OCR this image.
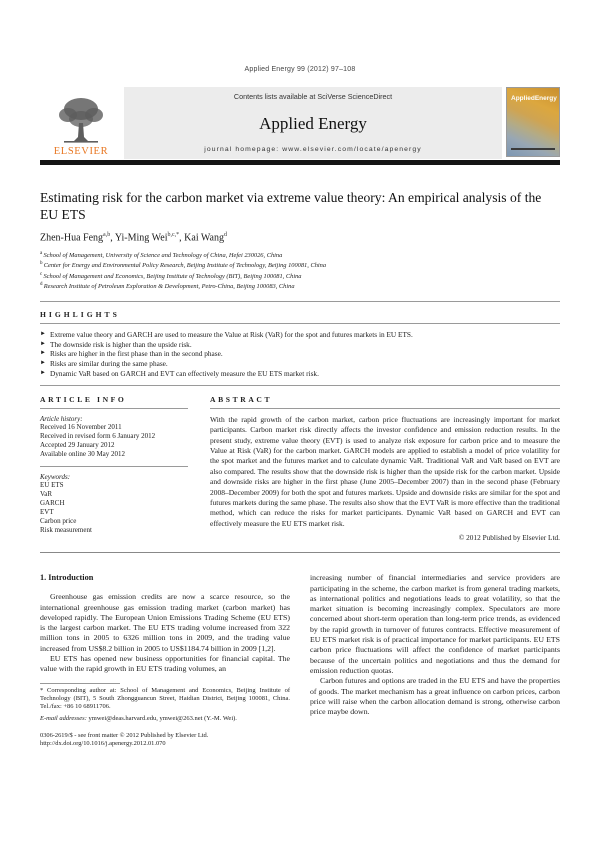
Applied Energy 99 (2012) 97–108
ELSEVIER
Contents lists available at SciVerse ScienceDirect
Applied Energy
journal homepage: www.elsevier.com/locate/apenergy
AppliedEnergy
Estimating risk for the carbon market via extreme value theory: An empirical analysis of the EU ETS
Zhen-Hua Feng$^{a,b}$, Yi-Ming Wei$^{b,c,*}$, Kai Wang$^d$
$^a$ School of Management, University of Science and Technology of China, Hefei 230026, China
$^b$ Center for Energy and Environmental Policy Research, Beijing Institute of Technology, Beijing 100081, China
$^c$ School of Management and Economics, Beijing Institute of Technology (BIT), Beijing 100081, China
$^d$ Research Institute of Petroleum Exploration & Development, Petro-China, Beijing 100083, China
HIGHLIGHTS
► Extreme value theory and GARCH are used to measure the Value at Risk (VaR) for the spot and futures markets in EU ETS.
► The downside risk is higher than the upside risk.
► Risks are higher in the first phase than in the second phase.
► Risks are similar during the same phase.
► Dynamic VaR based on GARCH and EVT can effectively measure the EU ETS market risk.
ARTICLE INFO
Article history:
Received 16 November 2011
Received in revised form 6 January 2012
Accepted 29 January 2012
Available online 30 May 2012
Keywords:
EU ETS
VaR
GARCH
EVT
Carbon price
Risk measurement
ABSTRACT
With the rapid growth of the carbon market, carbon price fluctuations are increasingly important for market participants. Carbon market risk directly affects the investor confidence and emission reduction results. In the present study, extreme value theory (EVT) is used to analyze risk exposure for carbon price and to measure the Value at Risk (VaR) for the carbon market. GARCH models are applied to establish a model of price volatility for the spot market and the futures market and to calculate dynamic VaR. Traditional VaR and VaR based on EVT are also compared. The results show that the downside risk is higher than the upside risk for the carbon market. Upside and downside risks are higher in the first phase (June 2005–December 2007) than in the second phase (February 2008–December 2009) for both the spot and futures markets. Upside and downside risks are similar for the spot and futures markets during the same phase. The results also show that the EVT VaR is more effective than the traditional method, which can reduce the risks for market participants. Dynamic VaR based on GARCH and EVT can effectively measure the EU ETS market risk.
© 2012 Published by Elsevier Ltd.
1. Introduction
Greenhouse gas emission credits are now a scarce resource, so the international greenhouse gas emission trading market (carbon market) has developed rapidly. The European Union Emissions Trading Scheme (EU ETS) is the largest carbon market. The EU ETS trading volume increased from 322 million tons in 2005 to 6326 million tons in 2009, and the trading value increased from US$8.2 billion in 2005 to US$1184.74 billion in 2009 [1,2].
EU ETS has opened new business opportunities for financial capital. The value with the rapid growth in EU ETS trading volumes, an
* Corresponding author at: School of Management and Economics, Beijing Institute of Technology (BIT), 5 South Zhongguancun Street, Haidian District, Beijing 100081, China. Tel./fax: +86 10 68911706.
E-mail addresses: ymwei@deas.harvard.edu, ymwei@263.net (Y.-M. Wei).
0306-2619/$ - see front matter © 2012 Published by Elsevier Ltd.
http://dx.doi.org/10.1016/j.apenergy.2012.01.070
increasing number of financial intermediaries and service providers are participating in the scheme, the carbon market is from general trading markets, as international politics and negotiations leads to great volatility, so that the market situation is becoming increasingly complex. Speculators are more concerned about short-term operation than long-term price trends, as evidenced by the rapid growth in turnover of futures contracts. Effective measurement of EU ETS market risk is of practical importance for market participants. EU ETS carbon price fluctuations will affect the confidence of market participants because of the uncertain politics and negotiations and thus the demand for emission reduction quotas.
Carbon futures and options are traded in the EU ETS and have the properties of goods. The market mechanism has a great influence on carbon prices, carbon price will raise when the carbon allocation demand is strong, otherwise carbon price maybe down.
